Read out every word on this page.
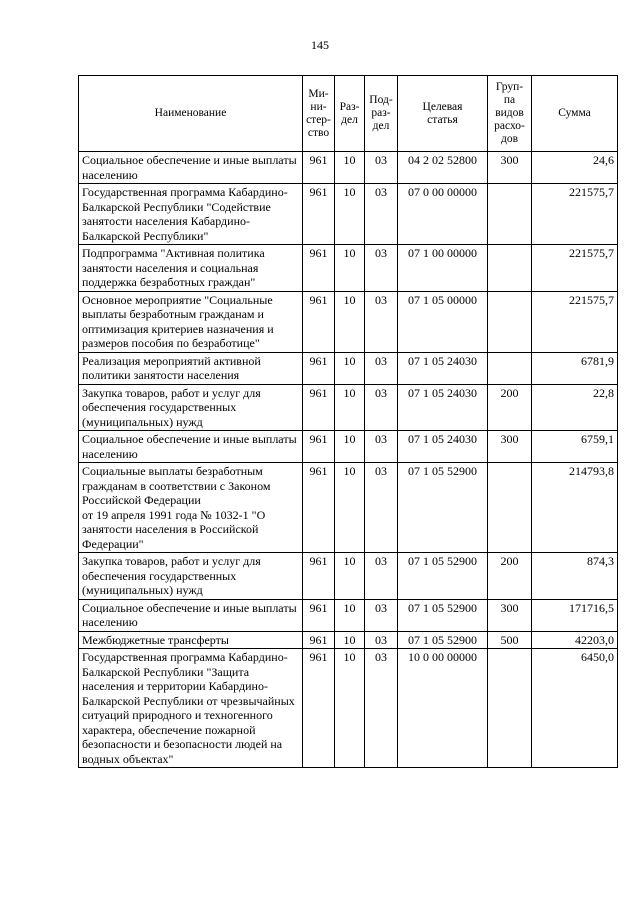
145
Наименование	Ми-
ни-
стер-
ство	Раз-
дел	Под-
раз-
дел	Целевая
статья	Груп-
па
видов
расхо-
дов	Сумма
Социальное обеспечение и иные выплаты населению	961	10	03	04 2 02 52800	300	24,6
Государственная программа Кабардино-Балкарской Республики "Содействие занятости населения Кабардино-Балкарской Республики"	961	10	03	07 0 00 00000		221575,7
Подпрограмма "Активная политика занятости населения и социальная поддержка безработных граждан"	961	10	03	07 1 00 00000		221575,7
Основное мероприятие "Социальные выплаты безработным гражданам и оптимизация критериев назначения и размеров пособия по безработице"	961	10	03	07 1 05 00000		221575,7
Реализация мероприятий активной политики занятости населения	961	10	03	07 1 05 24030		6781,9
Закупка товаров, работ и услуг для обеспечения государственных (муниципальных) нужд	961	10	03	07 1 05 24030	200	22,8
Социальное обеспечение и иные выплаты населению	961	10	03	07 1 05 24030	300	6759,1
Социальные выплаты безработным гражданам в соответствии с Законом Российской Федерации
от 19 апреля 1991 года № 1032-1 "О занятости населения в Российской Федерации"	961	10	03	07 1 05 52900		214793,8
Закупка товаров, работ и услуг для обеспечения государственных (муниципальных) нужд	961	10	03	07 1 05 52900	200	874,3
Социальное обеспечение и иные выплаты населению	961	10	03	07 1 05 52900	300	171716,5
Межбюджетные трансферты	961	10	03	07 1 05 52900	500	42203,0
Государственная программа Кабардино-Балкарской Республики "Защита населения и территории Кабардино-Балкарской Республики от чрезвычайных ситуаций природного и техногенного характера, обеспечение пожарной безопасности и безопасности людей на водных объектах"	961	10	03	10 0 00 00000		6450,0
